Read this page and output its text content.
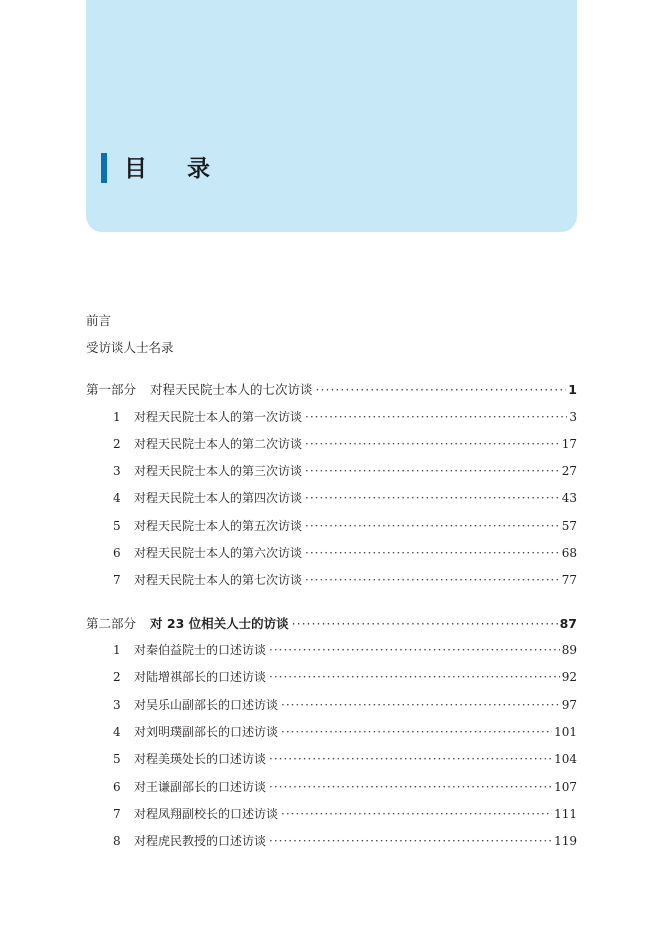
目录
前言
受访谈人士名录
第一部分 对程天民院士本人的七次访谈 ·····	1
1	对程天民院士本人的第一次访谈 ·····	3
2	对程天民院士本人的第二次访谈 ·····	17
3	对程天民院士本人的第三次访谈 ·····	27
4	对程天民院士本人的第四次访谈 ·····	43
5	对程天民院士本人的第五次访谈 ·····	57
6	对程天民院士本人的第六次访谈 ·····	68
7	对程天民院士本人的第七次访谈 ·····	77
第二部分 对 23 位相关人士的访谈 ·····	87
1	对秦伯益院士的口述访谈 ·····	89
2	对陆增祺部长的口述访谈 ·····	92
3	对吴乐山副部长的口述访谈 ·····	97
4	对刘明璞副部长的口述访谈 ·····	101
5	对程美瑛处长的口述访谈 ·····	104
6	对王谦副部长的口述访谈 ·····	107
7	对程凤翔副校长的口述访谈 ·····	111
8	对程虎民教授的口述访谈 ·····	119
